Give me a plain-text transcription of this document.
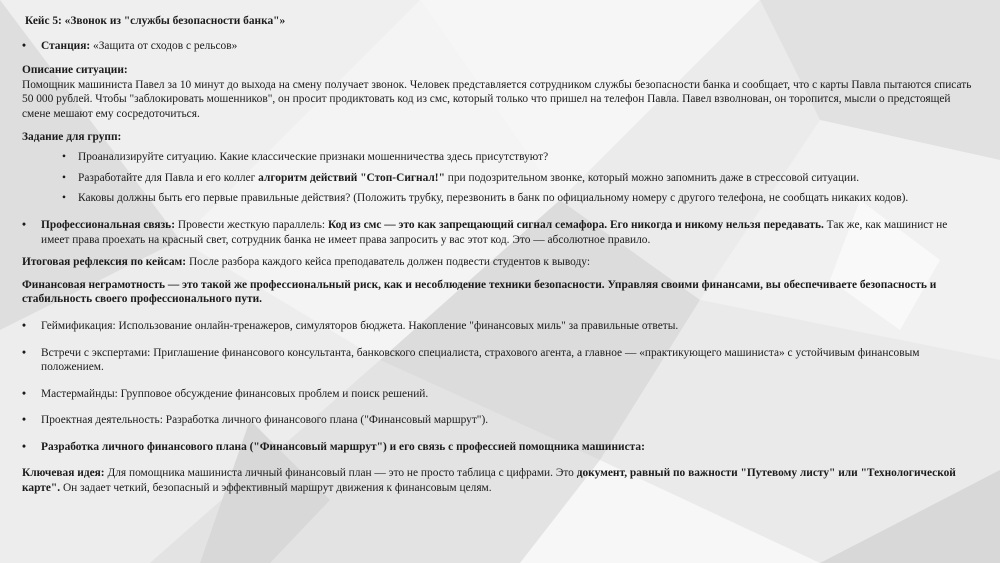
Кейс 5: «Звонок из "службы безопасности банка"»

• Станция: «Защита от сходов с рельсов»

Описание ситуации:

Помощник машиниста Павел за 10 минут до выхода на смену получает звонок. Человек представляется сотрудником службы безопасности банка и сообщает, что с карты Павла пытаются списать 50 000 рублей. Чтобы "заблокировать мошенников", он просит продиктовать код из смс, который только что пришел на телефон Павла. Павел взволнован, он торопится, мысли о предстоящей смене мешают ему сосредоточиться.

Задание для групп:

• Проанализируйте ситуацию. Какие классические признаки мошенничества здесь присутствуют?

• Разработайте для Павла и его коллег алгоритм действий "Стоп-Сигнал!" при подозрительном звонке, который можно запомнить даже в стрессовой ситуации.

• Каковы должны быть его первые правильные действия? (Положить трубку, перезвонить в банк по официальному номеру с другого телефона, не сообщать никаких кодов).

• Профессиональная связь: Провести жесткую параллель: Код из смс — это как запрещающий сигнал семафора. Его никогда и никому нельзя передавать. Так же, как машинист не имеет права проехать на красный свет, сотрудник банка не имеет права запросить у вас этот код. Это — абсолютное правило.

Итоговая рефлексия по кейсам: После разбора каждого кейса преподаватель должен подвести студентов к выводу:

Финансовая неграмотность — это такой же профессиональный риск, как и несоблюдение техники безопасности. Управляя своими финансами, вы обеспечиваете безопасность и стабильность своего профессионального пути.

• Геймификация: Использование онлайн-тренажеров, симуляторов бюджета. Накопление "финансовых миль" за правильные ответы.

• Встречи с экспертами: Приглашение финансового консультанта, банковского специалиста, страхового агента, а главное — «практикующего машиниста» с устойчивым финансовым положением.

• Мастермайнды: Групповое обсуждение финансовых проблем и поиск решений.

• Проектная деятельность: Разработка личного финансового плана ("Финансовый маршрут").

• Разработка личного финансового плана ("Финансовый маршрут") и его связь с профессией помощника машиниста:

Ключевая идея: Для помощника машиниста личный финансовый план — это не просто таблица с цифрами. Это документ, равный по важности "Путевому листу" или "Технологической карте". Он задает четкий, безопасный и эффективный маршрут движения к финансовым целям.
